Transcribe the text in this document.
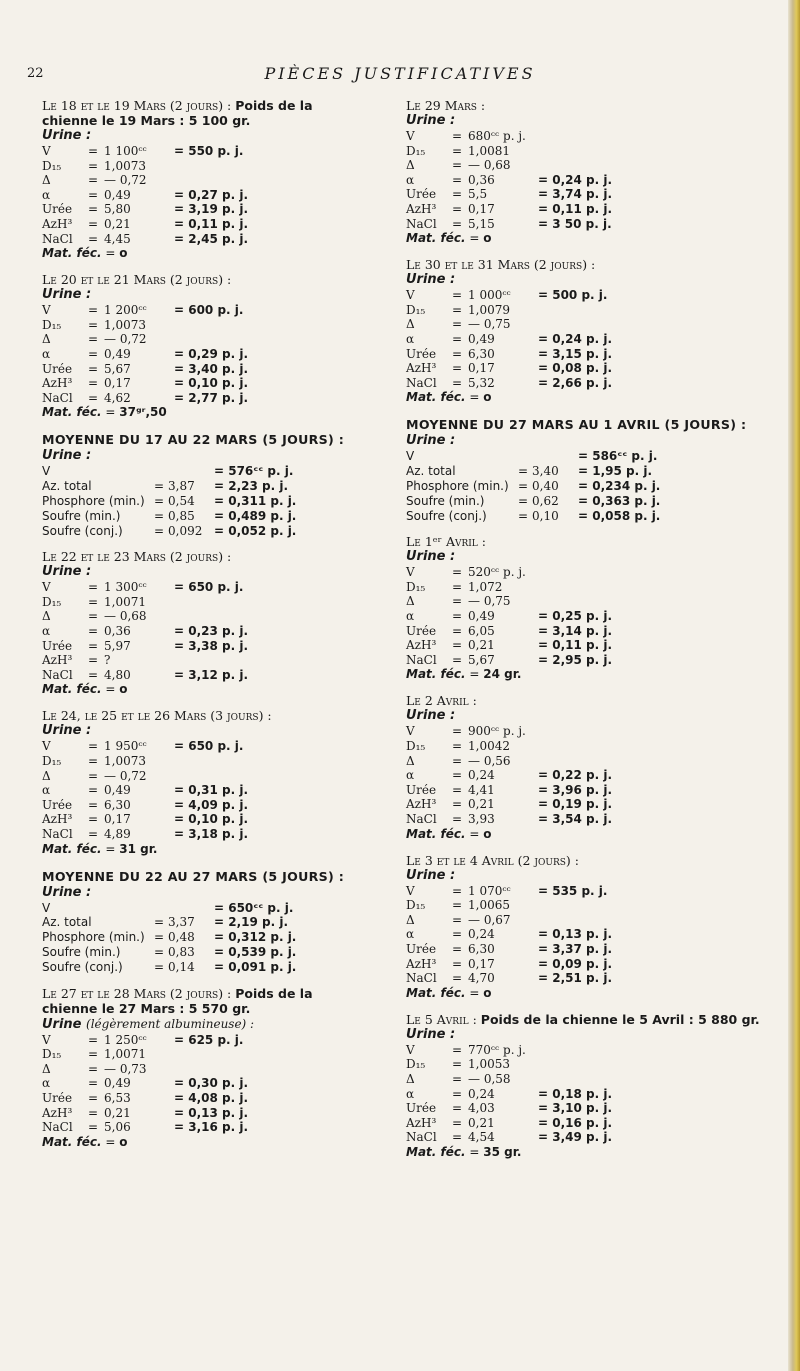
22	PIÈCES JUSTIFICATIVES
Le 18 et le 19 Mars (2 jours) : Poids de la chienne le 19 Mars : 5 100 gr.
Urine :
V	=	1 100ᶜᶜ	= 550 p. j.
D₁₅	=	1,0073	
Δ	=	— 0,72	
α	=	0,49	= 0,27 p. j.
Urée	=	5,80	= 3,19 p. j.
AzH³	=	0,21	= 0,11 p. j.
NaCl	=	4,45	= 2,45 p. j.
Mat. féc. = o
Le 20 et le 21 Mars (2 jours) :
Urine :
V	=	1 200ᶜᶜ	= 600 p. j.
D₁₅	=	1,0073	
Δ	=	— 0,72	
α	=	0,49	= 0,29 p. j.
Urée	=	5,67	= 3,40 p. j.
AzH³	=	0,17	= 0,10 p. j.
NaCl	=	4,62	= 2,77 p. j.
Mat. féc. = 37ᵍʳ,50
MOYENNE DU 17 AU 22 MARS (5 JOURS) :
Urine :
V			= 576ᶜᶜ p. j.
Az. total	=	3,87	= 2,23 p. j.
Phosphore (min.)	=	0,54	= 0,311 p. j.
Soufre (min.)	=	0,85	= 0,489 p. j.
Soufre (conj.)	=	0,092	= 0,052 p. j.
Le 22 et le 23 Mars (2 jours) :
Urine :
V	=	1 300ᶜᶜ	= 650 p. j.
D₁₅	=	1,0071	
Δ	=	— 0,68	
α	=	0,36	= 0,23 p. j.
Urée	=	5,97	= 3,38 p. j.
AzH³	=	?	
NaCl	=	4,80	= 3,12 p. j.
Mat. féc. = o
Le 24, le 25 et le 26 Mars (3 jours) :
Urine :
V	=	1 950ᶜᶜ	= 650 p. j.
D₁₅	=	1,0073	
Δ	=	— 0,72	
α	=	0,49	= 0,31 p. j.
Urée	=	6,30	= 4,09 p. j.
AzH³	=	0,17	= 0,10 p. j.
NaCl	=	4,89	= 3,18 p. j.
Mat. féc. = 31 gr.
MOYENNE DU 22 AU 27 MARS (5 JOURS) :
Urine :
V			= 650ᶜᶜ p. j.
Az. total	=	3,37	= 2,19 p. j.
Phosphore (min.)	=	0,48	= 0,312 p. j.
Soufre (min.)	=	0,83	= 0,539 p. j.
Soufre (conj.)	=	0,14	= 0,091 p. j.
Le 27 et le 28 Mars (2 jours) : Poids de la chienne le 27 Mars : 5 570 gr.
Urine (légèrement albumineuse) :
V	=	1 250ᶜᶜ	= 625 p. j.
D₁₅	=	1,0071	
Δ	=	— 0,73	
α	=	0,49	= 0,30 p. j.
Urée	=	6,53	= 4,08 p. j.
AzH³	=	0,21	= 0,13 p. j.
NaCl	=	5,06	= 3,16 p. j.
Mat. féc. = o
Le 29 Mars :
Urine :
V	=	680ᶜᶜ p. j.	
D₁₅	=	1,0081	
Δ	=	— 0,68	
α	=	0,36	= 0,24 p. j.
Urée	=	5,5	= 3,74 p. j.
AzH³	=	0,17	= 0,11 p. j.
NaCl	=	5,15	= 3 50 p. j.
Mat. féc. = o
Le 30 et le 31 Mars (2 jours) :
Urine :
V	=	1 000ᶜᶜ	= 500 p. j.
D₁₅	=	1,0079	
Δ	=	— 0,75	
α	=	0,49	= 0,24 p. j.
Urée	=	6,30	= 3,15 p. j.
AzH³	=	0,17	= 0,08 p. j.
NaCl	=	5,32	= 2,66 p. j.
Mat. féc. = o
MOYENNE DU 27 MARS AU 1 AVRIL (5 JOURS) :
Urine :
V			= 586ᶜᶜ p. j.
Az. total	=	3,40	= 1,95 p. j.
Phosphore (min.)	=	0,40	= 0,234 p. j.
Soufre (min.)	=	0,62	= 0,363 p. j.
Soufre (conj.)	=	0,10	= 0,058 p. j.
Le 1ᵉʳ Avril :
Urine :
V	=	520ᶜᶜ p. j.	
D₁₅	=	1,072	
Δ	=	— 0,75	
α	=	0,49	= 0,25 p. j.
Urée	=	6,05	= 3,14 p. j.
AzH³	=	0,21	= 0,11 p. j.
NaCl	=	5,67	= 2,95 p. j.
Mat. féc. = 24 gr.
Le 2 Avril :
Urine :
V	=	900ᶜᶜ p. j.	
D₁₅	=	1,0042	
Δ	=	— 0,56	
α	=	0,24	= 0,22 p. j.
Urée	=	4,41	= 3,96 p. j.
AzH³	=	0,21	= 0,19 p. j.
NaCl	=	3,93	= 3,54 p. j.
Mat. féc. = o
Le 3 et le 4 Avril (2 jours) :
Urine :
V	=	1 070ᶜᶜ	= 535 p. j.
D₁₅	=	1,0065	
Δ	=	— 0,67	
α	=	0,24	= 0,13 p. j.
Urée	=	6,30	= 3,37 p. j.
AzH³	=	0,17	= 0,09 p. j.
NaCl	=	4,70	= 2,51 p. j.
Mat. féc. = o
Le 5 Avril : Poids de la chienne le 5 Avril : 5 880 gr.
Urine :
V	=	770ᶜᶜ p. j.	
D₁₅	=	1,0053	
Δ	=	— 0,58	
α	=	0,24	= 0,18 p. j.
Urée	=	4,03	= 3,10 p. j.
AzH³	=	0,21	= 0,16 p. j.
NaCl	=	4,54	= 3,49 p. j.
Mat. féc. = 35 gr.
